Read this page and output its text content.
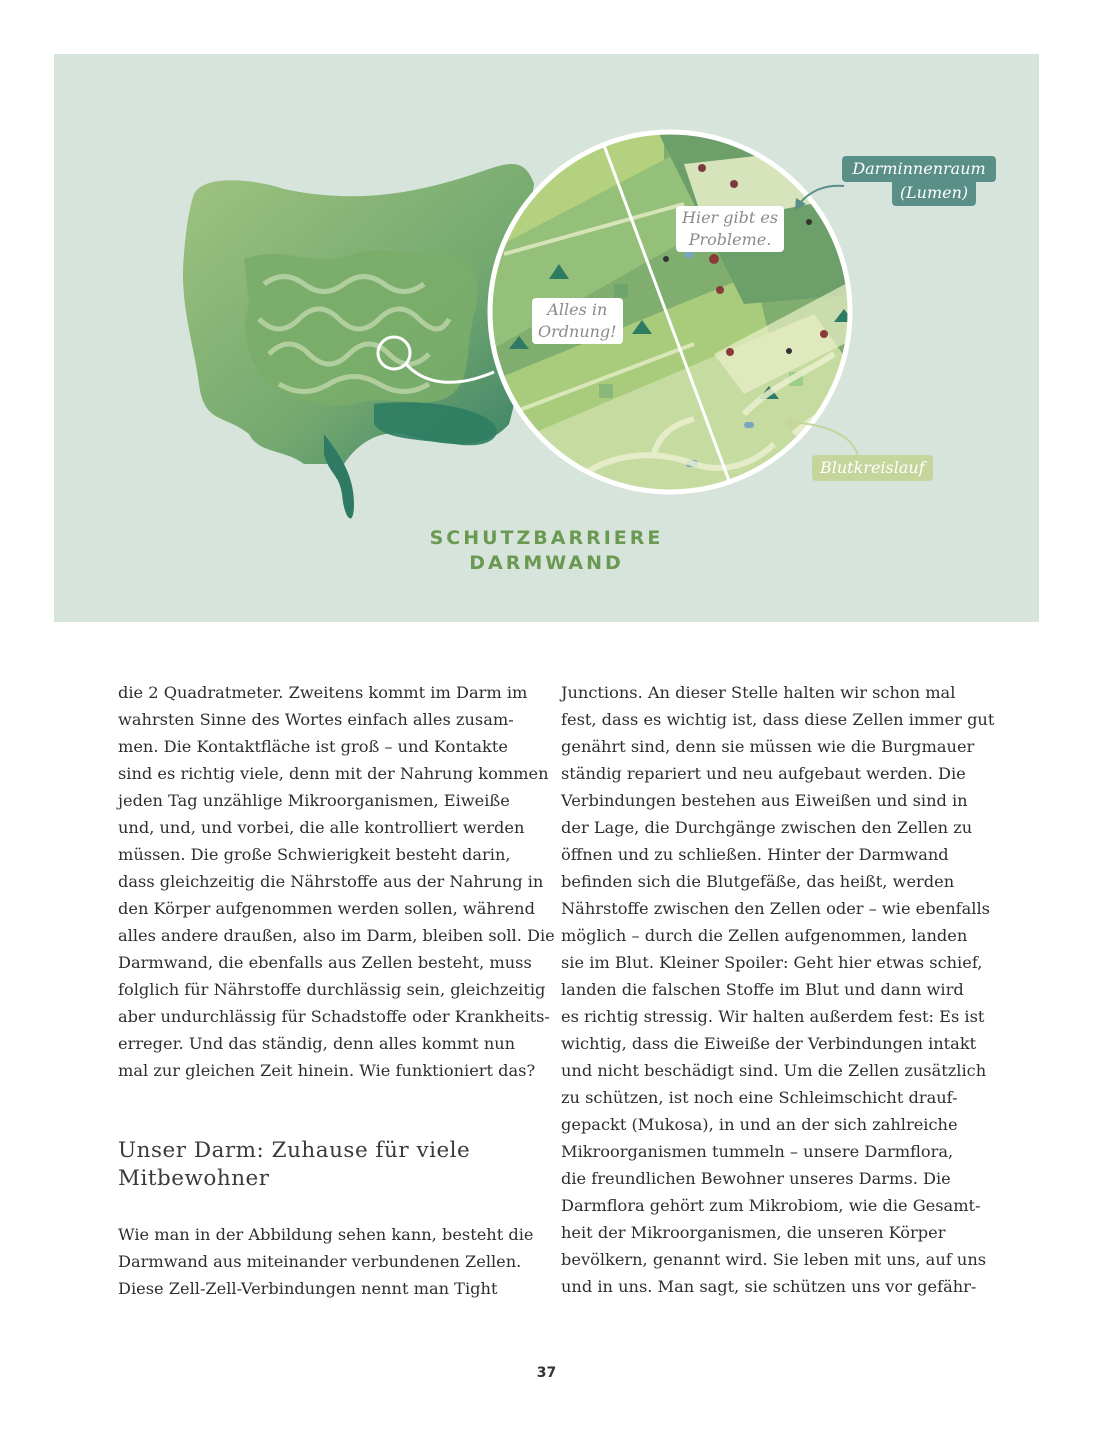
Alles in
Ordnung!
Hier gibt es
Probleme.
Darminnenraum
(Lumen)
Blutkreislauf
SCHUTZBARRIERE
DARMWAND

die 2 Quadratmeter. Zweitens kommt im Darm im

wahrsten Sinne des Wortes einfach alles zusam-

men. Die Kontaktfläche ist groß – und Kontakte

sind es richtig viele, denn mit der Nahrung kommen

jeden Tag unzählige Mikroorganismen, Eiweiße

und, und, und vorbei, die alle kontrolliert werden

müssen. Die große Schwierigkeit besteht darin,

dass gleichzeitig die Nährstoffe aus der Nahrung in

den Körper aufgenommen werden sollen, während

alles andere draußen, also im Darm, bleiben soll. Die

Darmwand, die ebenfalls aus Zellen besteht, muss

folglich für Nährstoffe durchlässig sein, gleichzeitig

aber undurchlässig für Schadstoffe oder Krankheits-

erreger. Und das ständig, denn alles kommt nun

mal zur gleichen Zeit hinein. Wie funktioniert das?

Unser Darm: Zuhause für viele
Mitbewohner

Wie man in der Abbildung sehen kann, besteht die

Darmwand aus miteinander verbundenen Zellen.

Diese Zell-Zell-Verbindungen nennt man Tight

Junctions. An dieser Stelle halten wir schon mal

fest, dass es wichtig ist, dass diese Zellen immer gut

genährt sind, denn sie müssen wie die Burgmauer

ständig repariert und neu aufgebaut werden. Die

Verbindungen bestehen aus Eiweißen und sind in

der Lage, die Durchgänge zwischen den Zellen zu

öffnen und zu schließen. Hinter der Darmwand

befinden sich die Blutgefäße, das heißt, werden

Nährstoffe zwischen den Zellen oder – wie ebenfalls

möglich – durch die Zellen aufgenommen, landen

sie im Blut. Kleiner Spoiler: Geht hier etwas schief,

landen die falschen Stoffe im Blut und dann wird

es richtig stressig. Wir halten außerdem fest: Es ist

wichtig, dass die Eiweiße der Verbindungen intakt

und nicht beschädigt sind. Um die Zellen zusätzlich

zu schützen, ist noch eine Schleimschicht drauf-

gepackt (Mukosa), in und an der sich zahlreiche

Mikroorganismen tummeln – unsere Darmflora,

die freundlichen Bewohner unseres Darms. Die

Darmflora gehört zum Mikrobiom, wie die Gesamt-

heit der Mikroorganismen, die unseren Körper

bevölkern, genannt wird. Sie leben mit uns, auf uns

und in uns. Man sagt, sie schützen uns vor gefähr-

37
